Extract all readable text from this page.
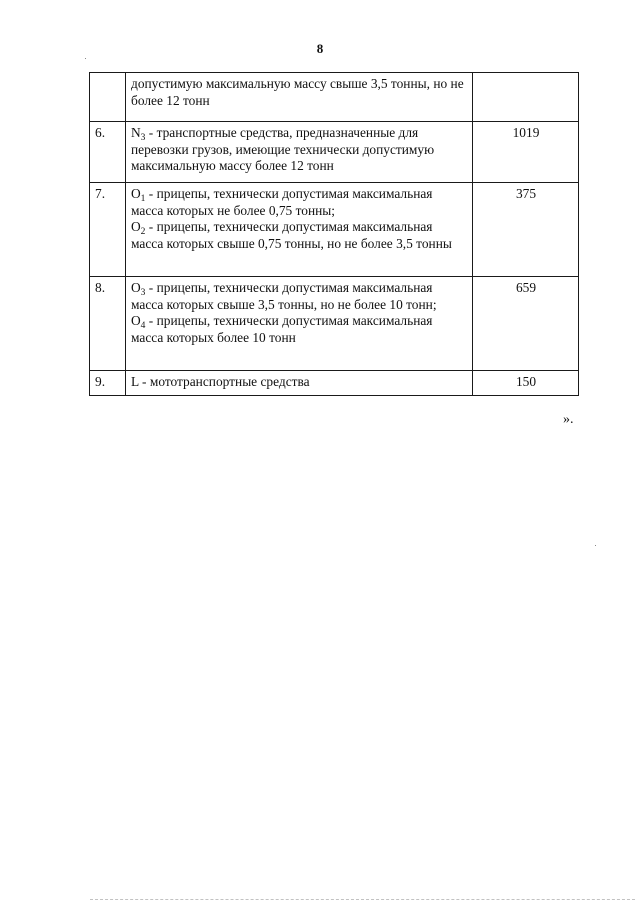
8
	допустимую максимальную массу свыше 3,5 тонны, но не более 12 тонн	
6.	$N_3$ - транспортные средства, предназначенные для перевозки грузов, имеющие технически допустимую максимальную массу более 12 тонн	1019
7.	$O_1$ - прицепы, технически допустимая максимальная масса которых не более 0,75 тонны;
$O_2$ - прицепы, технически допустимая максимальная масса которых свыше 0,75 тонны, но не более 3,5 тонны	375
8.	$O_3$ - прицепы, технически допустимая максимальная масса которых свыше 3,5 тонны, но не более 10 тонн;
$O_4$ - прицепы, технически допустимая максимальная масса которых более 10 тонн	659
9.	L - мототранспортные средства	150
».
